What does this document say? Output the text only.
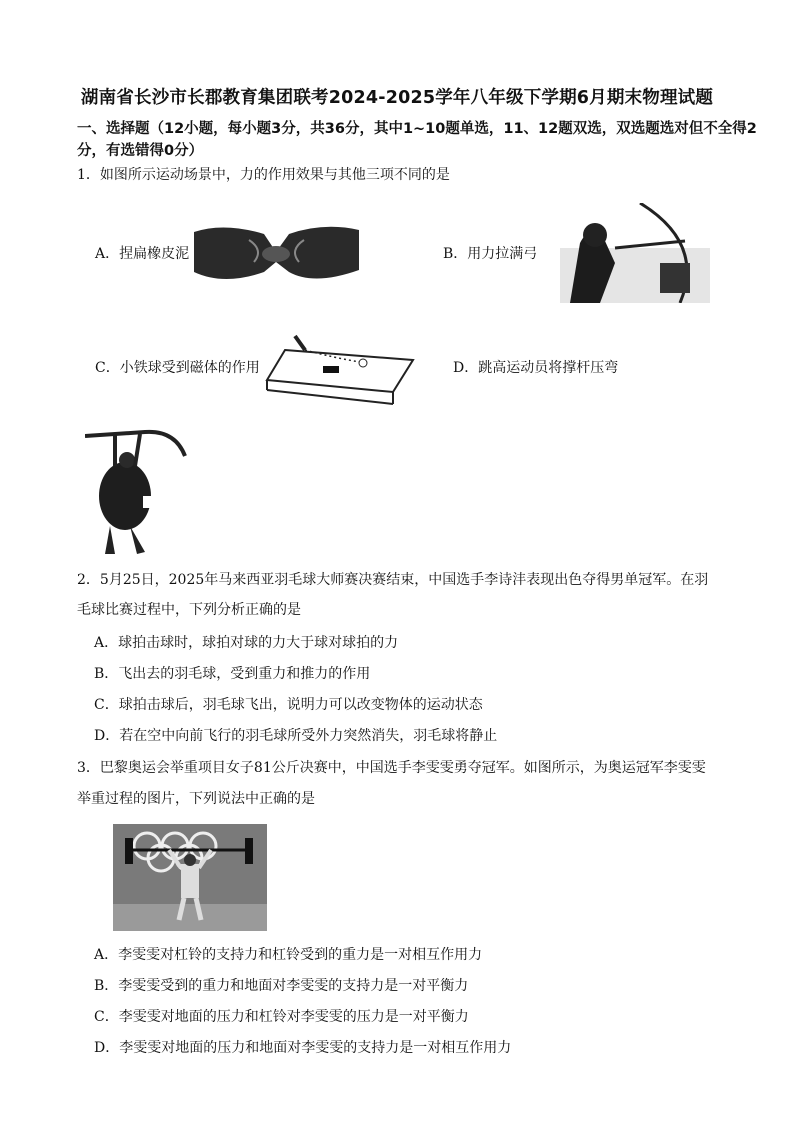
湖南省长沙市长郡教育集团联考2024-2025学年八年级下学期6月期末物理试题
一、选择题（12小题，每小题3分，共36分，其中1~10题单选，11、12题双选，双选题选对但不全得2分，有选错得0分）
1．如图所示运动场景中，力的作用效果与其他三项不同的是
A．捏扁橡皮泥	B．用力拉满弓
C．小铁球受到磁体的作用	D．跳高运动员将撑杆压弯
2．5月25日，2025年马来西亚羽毛球大师赛决赛结束，中国选手李诗沣表现出色夺得男单冠军。在羽
毛球比赛过程中，下列分析正确的是
A．球拍击球时，球拍对球的力大于球对球拍的力
B．飞出去的羽毛球，受到重力和推力的作用
C．球拍击球后，羽毛球飞出，说明力可以改变物体的运动状态
D．若在空中向前飞行的羽毛球所受外力突然消失，羽毛球将静止
3．巴黎奥运会举重项目女子81公斤决赛中，中国选手李雯雯勇夺冠军。如图所示，为奥运冠军李雯雯
举重过程的图片，下列说法中正确的是
A．李雯雯对杠铃的支持力和杠铃受到的重力是一对相互作用力
B．李雯雯受到的重力和地面对李雯雯的支持力是一对平衡力
C．李雯雯对地面的压力和杠铃对李雯雯的压力是一对平衡力
D．李雯雯对地面的压力和地面对李雯雯的支持力是一对相互作用力
